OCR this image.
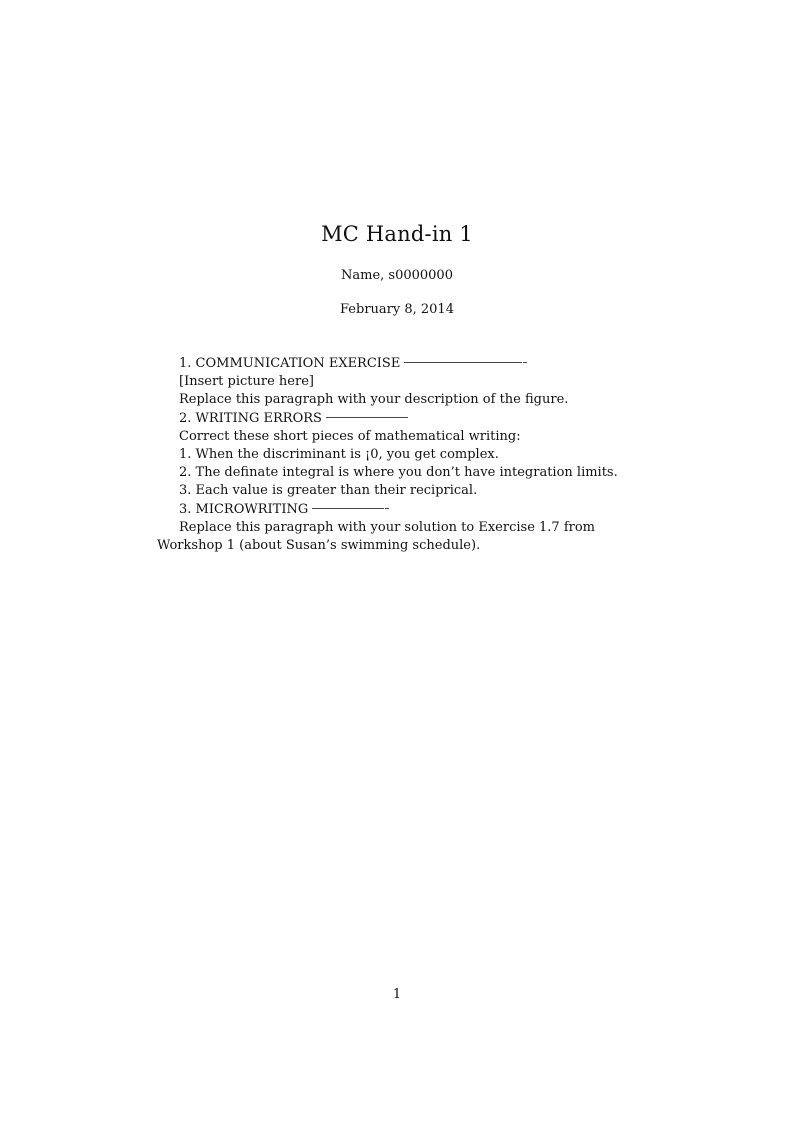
MC Hand-in 1
Name, s0000000
February 8, 2014
1. COMMUNICATION EXERCISE
[Insert picture here]
Replace this paragraph with your description of the figure.
2. WRITING ERRORS
Correct these short pieces of mathematical writing:
1. When the discriminant is ¡0, you get complex.
2. The definate integral is where you don’t have integration limits.
3. Each value is greater than their reciprical.
3. MICROWRITING
Replace this paragraph with your solution to Exercise 1.7 from Workshop 1 (about Susan’s swimming schedule).
1
